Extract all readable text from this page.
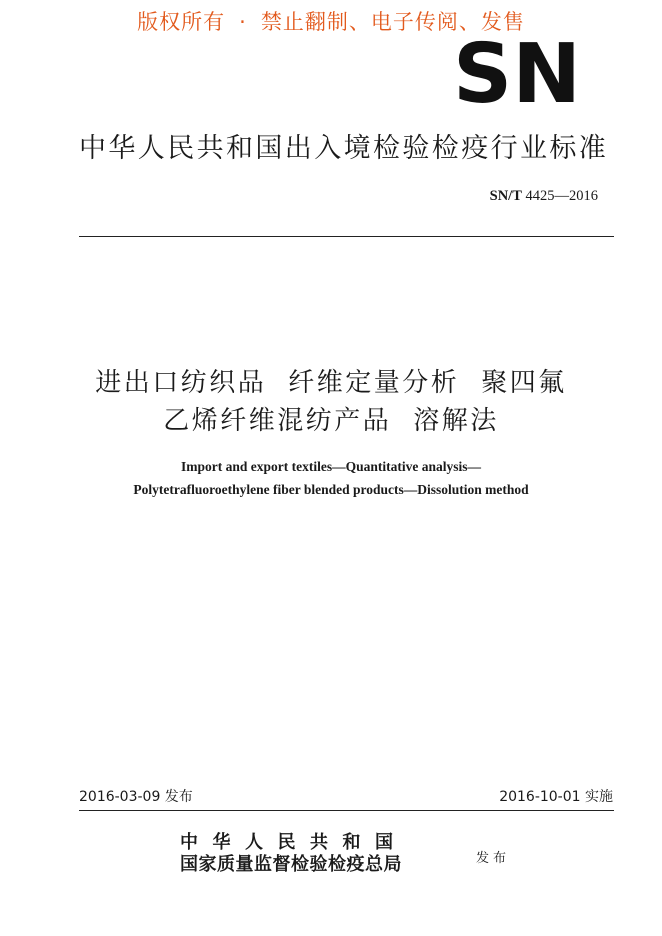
版权所有 · 禁止翻制、电子传阅、发售
SN
中华人民共和国出入境检验检疫行业标准
SN/T 4425—2016
进出口纺织品 纤维定量分析 聚四氟
乙烯纤维混纺产品 溶解法
Import and export textiles—Quantitative analysis—
Polytetrafluoroethylene fiber blended products—Dissolution method
2016-03-09 发布	2016-10-01 实施
中华人民共和国
国家质量监督检验检疫总局	发布
